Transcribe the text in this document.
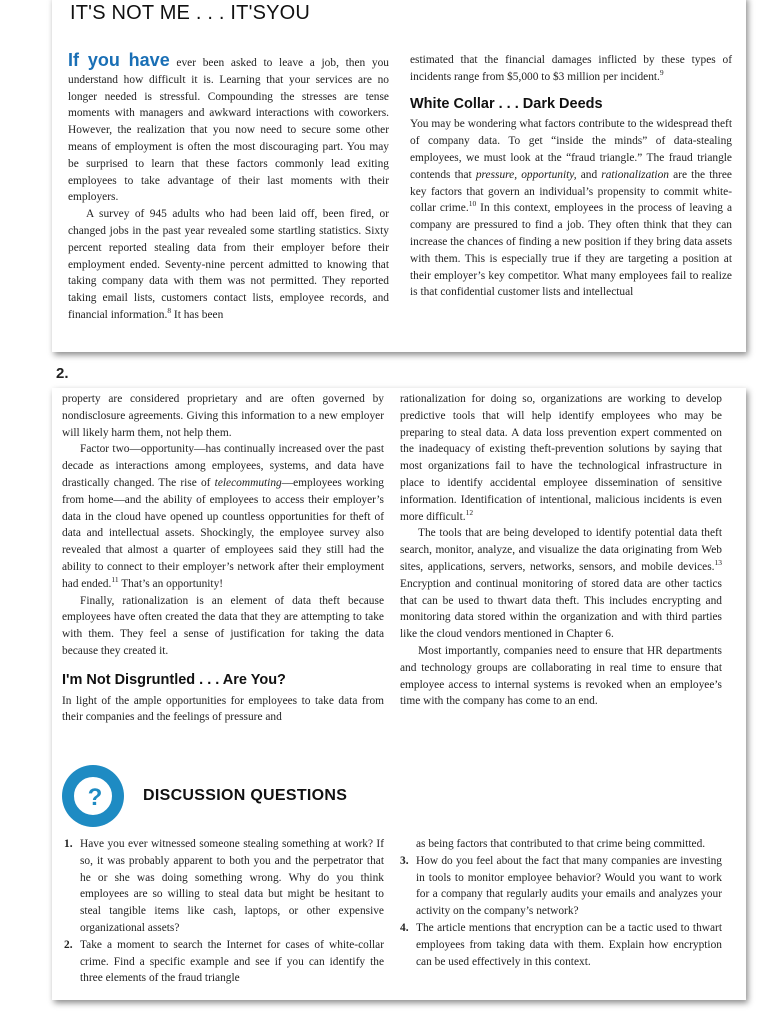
IT'S NOT ME . . . IT'SYOU

If you have ever been asked to leave a job, then you understand how difficult it is. Learning that your services are no longer needed is stressful. Compounding the stresses are tense moments with managers and awkward interactions with coworkers. However, the realization that you now need to secure some other means of employment is often the most discouraging part. You may be surprised to learn that these factors commonly lead exiting employees to take advantage of their last moments with their employers.

A survey of 945 adults who had been laid off, been fired, or changed jobs in the past year revealed some startling statistics. Sixty percent reported stealing data from their employer before their employment ended. Seventy-nine percent admitted to knowing that taking company data with them was not permitted. They reported taking email lists, customers contact lists, employee records, and financial information.$^8$ It has been

estimated that the financial damages inflicted by these types of incidents range from $5,000 to $3 million per incident.$^9$

White Collar . . . Dark Deeds

You may be wondering what factors contribute to the widespread theft of company data. To get “inside the minds” of data-stealing employees, we must look at the “fraud triangle.” The fraud triangle contends that pressure, opportunity, and rationalization are the three key factors that govern an individual’s propensity to commit white-collar crime.$^{10}$ In this context, employees in the process of leaving a company are pressured to find a job. They often think that they can increase the chances of finding a new position if they bring data assets with them. This is especially true if they are targeting a position at their employer’s key competitor. What many employees fail to realize is that confidential customer lists and intellectual

2.

property are considered proprietary and are often governed by nondisclosure agreements. Giving this information to a new employer will likely harm them, not help them.

Factor two—opportunity—has continually increased over the past decade as interactions among employees, systems, and data have drastically changed. The rise of telecommuting—employees working from home—and the ability of employees to access their employer’s data in the cloud have opened up countless opportunities for theft of data and intellectual assets. Shockingly, the employee survey also revealed that almost a quarter of employees said they still had the ability to connect to their employer’s network after their employment had ended.$^{11}$ That’s an opportunity!

Finally, rationalization is an element of data theft because employees have often created the data that they are attempting to take with them. They feel a sense of justification for taking the data because they created it.

I'm Not Disgruntled . . . Are You?

In light of the ample opportunities for employees to take data from their companies and the feelings of pressure and

rationalization for doing so, organizations are working to develop predictive tools that will help identify employees who may be preparing to steal data. A data loss prevention expert commented on the inadequacy of existing theft-prevention solutions by saying that most organizations fail to have the technological infrastructure in place to identify accidental employee dissemination of sensitive information. Identification of intentional, malicious incidents is even more difficult.$^{12}$

The tools that are being developed to identify potential data theft search, monitor, analyze, and visualize the data originating from Web sites, applications, servers, networks, sensors, and mobile devices.$^{13}$ Encryption and continual monitoring of stored data are other tactics that can be used to thwart data theft. This includes encrypting and monitoring data stored within the organization and with third parties like the cloud vendors mentioned in Chapter 6.

Most importantly, companies need to ensure that HR departments and technology groups are collaborating in real time to ensure that employee access to internal systems is revoked when an employee’s time with the company has come to an end.

?	DISCUSSION QUESTIONS
1. Have you ever witnessed someone stealing something at work? If so, it was probably apparent to both you and the perpetrator that he or she was doing something wrong. Why do you think employees are so willing to steal data but might be hesitant to steal tangible items like cash, laptops, or other expensive organizational assets?
2. Take a moment to search the Internet for cases of white-collar crime. Find a specific example and see if you can identify the three elements of the fraud triangle
as being factors that contributed to that crime being committed.
3. How do you feel about the fact that many companies are investing in tools to monitor employee behavior? Would you want to work for a company that regularly audits your emails and analyzes your activity on the company’s network?
4. The article mentions that encryption can be a tactic used to thwart employees from taking data with them. Explain how encryption can be used effectively in this context.
